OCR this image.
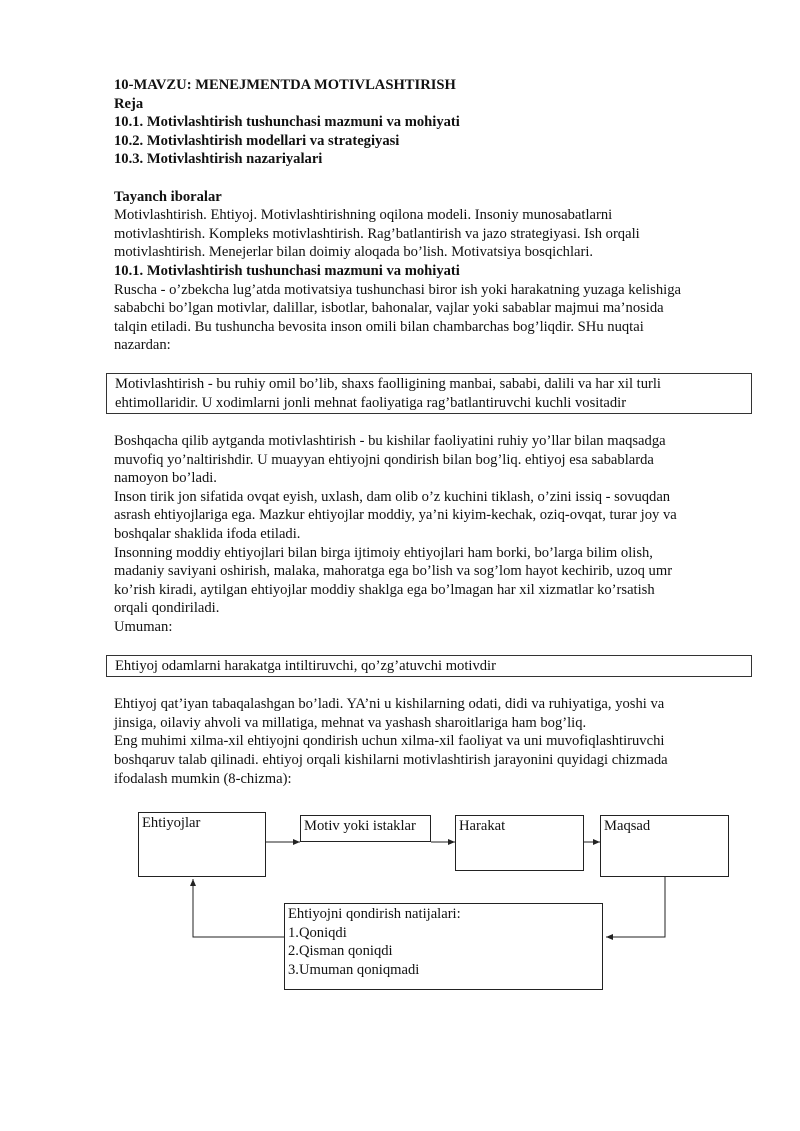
10-MAVZU: MENEJMENTDA MOTIVLASHTIRISH

Reja

10.1. Motivlashtirish tushunchasi mazmuni va mohiyati

10.2. Motivlashtirish modellari va strategiyasi

10.3. Motivlashtirish nazariyalari

Tayanch iboralar

Motivlashtirish. Ehtiyoj. Motivlashtirishning oqilona modeli. Insoniy munosabatlarni

motivlashtirish. Kompleks motivlashtirish. Rag’batlantirish va jazo strategiyasi. Ish orqali

motivlashtirish. Menejerlar bilan doimiy aloqada bo’lish. Motivatsiya bosqichlari.

10.1. Motivlashtirish tushunchasi mazmuni va mohiyati

Ruscha - o’zbekcha lug’atda motivatsiya tushunchasi biror ish yoki harakatning yuzaga kelishiga

sababchi bo’lgan motivlar, dalillar, isbotlar, bahonalar, vajlar yoki sabablar majmui ma’nosida

talqin etiladi. Bu tushuncha bevosita inson omili bilan chambarchas bog’liqdir. SHu nuqtai

nazardan:

Motivlashtirish - bu ruhiy omil bo’lib, shaxs faolligining manbai, sababi, dalili va har xil turli

ehtimollaridir. U xodimlarni jonli mehnat faoliyatiga rag’batlantiruvchi kuchli vositadir

Boshqacha qilib aytganda motivlashtirish - bu kishilar faoliyatini ruhiy yo’llar bilan maqsadga

muvofiq yo’naltirishdir. U muayyan ehtiyojni qondirish bilan bog’liq. ehtiyoj esa sabablarda

namoyon bo’ladi.

Inson tirik jon sifatida ovqat eyish, uxlash, dam olib o’z kuchini tiklash, o’zini issiq - sovuqdan

asrash ehtiyojlariga ega. Mazkur ehtiyojlar moddiy, ya’ni kiyim-kechak, oziq-ovqat, turar joy va

boshqalar shaklida ifoda etiladi.

Insonning moddiy ehtiyojlari bilan birga ijtimoiy ehtiyojlari ham borki, bo’larga bilim olish,

madaniy saviyani oshirish, malaka, mahoratga ega bo’lish va sog’lom hayot kechirib, uzoq umr

ko’rish kiradi, aytilgan ehtiyojlar moddiy shaklga ega bo’lmagan har xil xizmatlar ko’rsatish

orqali qondiriladi.

Umuman:

Ehtiyoj odamlarni harakatga intiltiruvchi, qo’zg’atuvchi motivdir

Ehtiyoj qat’iyan tabaqalashgan bo’ladi. YA’ni u kishilarning odati, didi va ruhiyatiga, yoshi va

jinsiga, oilaviy ahvoli va millatiga, mehnat va yashash sharoitlariga ham bog’liq.

Eng muhimi xilma-xil ehtiyojni qondirish uchun xilma-xil faoliyat va uni muvofiqlashtiruvchi

boshqaruv talab qilinadi. ehtiyoj orqali kishilarni motivlashtirish jarayonini quyidagi chizmada

ifodalash mumkin (8-chizma):

Ehtiyojlar	Motiv yoki istaklar	Harakat	Maqsad
Ehtiyojni qondirish natijalari:
1.Qoniqdi
2.Qisman qoniqdi
3.Umuman qoniqmadi
